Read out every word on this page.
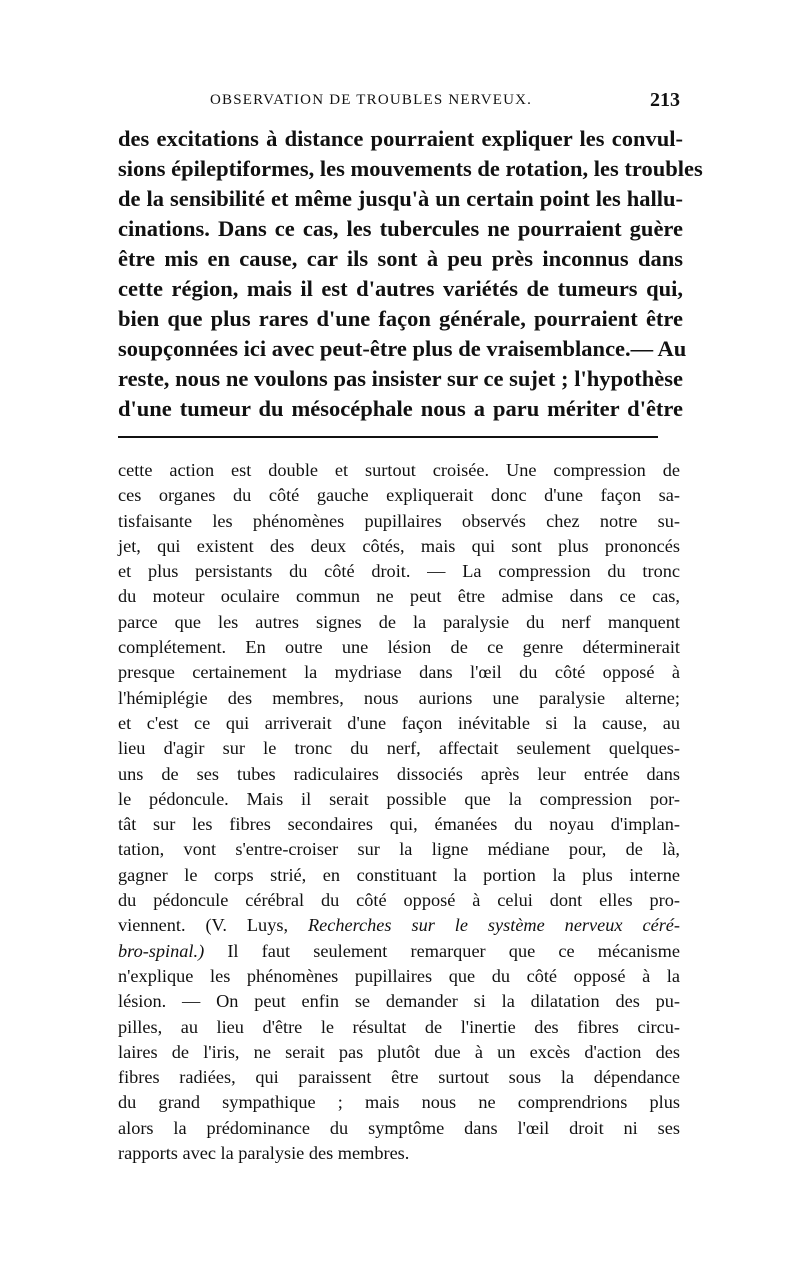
OBSERVATION DE TROUBLES NERVEUX.	213
des excitations à distance pourraient expliquer les convul-
sions épileptiformes, les mouvements de rotation, les troubles
de la sensibilité et même jusqu'à un certain point les hallu-
cinations. Dans ce cas, les tubercules ne pourraient guère
être mis en cause, car ils sont à peu près inconnus dans
cette région, mais il est d'autres variétés de tumeurs qui,
bien que plus rares d'une façon générale, pourraient être
soupçonnées ici avec peut-être plus de vraisemblance.— Au
reste, nous ne voulons pas insister sur ce sujet ; l'hypothèse
d'une tumeur du mésocéphale nous a paru mériter d'être
cette action est double et surtout croisée. Une compression de
ces organes du côté gauche expliquerait donc d'une façon sa-
tisfaisante les phénomènes pupillaires observés chez notre su-
jet, qui existent des deux côtés, mais qui sont plus prononcés
et plus persistants du côté droit. — La compression du tronc
du moteur oculaire commun ne peut être admise dans ce cas,
parce que les autres signes de la paralysie du nerf manquent
complétement. En outre une lésion de ce genre déterminerait
presque certainement la mydriase dans l'œil du côté opposé à
l'hémiplégie des membres, nous aurions une paralysie alterne;
et c'est ce qui arriverait d'une façon inévitable si la cause, au
lieu d'agir sur le tronc du nerf, affectait seulement quelques-
uns de ses tubes radiculaires dissociés après leur entrée dans
le pédoncule. Mais il serait possible que la compression por-
tât sur les fibres secondaires qui, émanées du noyau d'implan-
tation, vont s'entre-croiser sur la ligne médiane pour, de là,
gagner le corps strié, en constituant la portion la plus interne
du pédoncule cérébral du côté opposé à celui dont elles pro-
viennent. (V. Luys, Recherches sur le système nerveux céré-
bro-spinal.) Il faut seulement remarquer que ce mécanisme
n'explique les phénomènes pupillaires que du côté opposé à la
lésion. — On peut enfin se demander si la dilatation des pu-
pilles, au lieu d'être le résultat de l'inertie des fibres circu-
laires de l'iris, ne serait pas plutôt due à un excès d'action des
fibres radiées, qui paraissent être surtout sous la dépendance
du grand sympathique ; mais nous ne comprendrions plus
alors la prédominance du symptôme dans l'œil droit ni ses
rapports avec la paralysie des membres.
